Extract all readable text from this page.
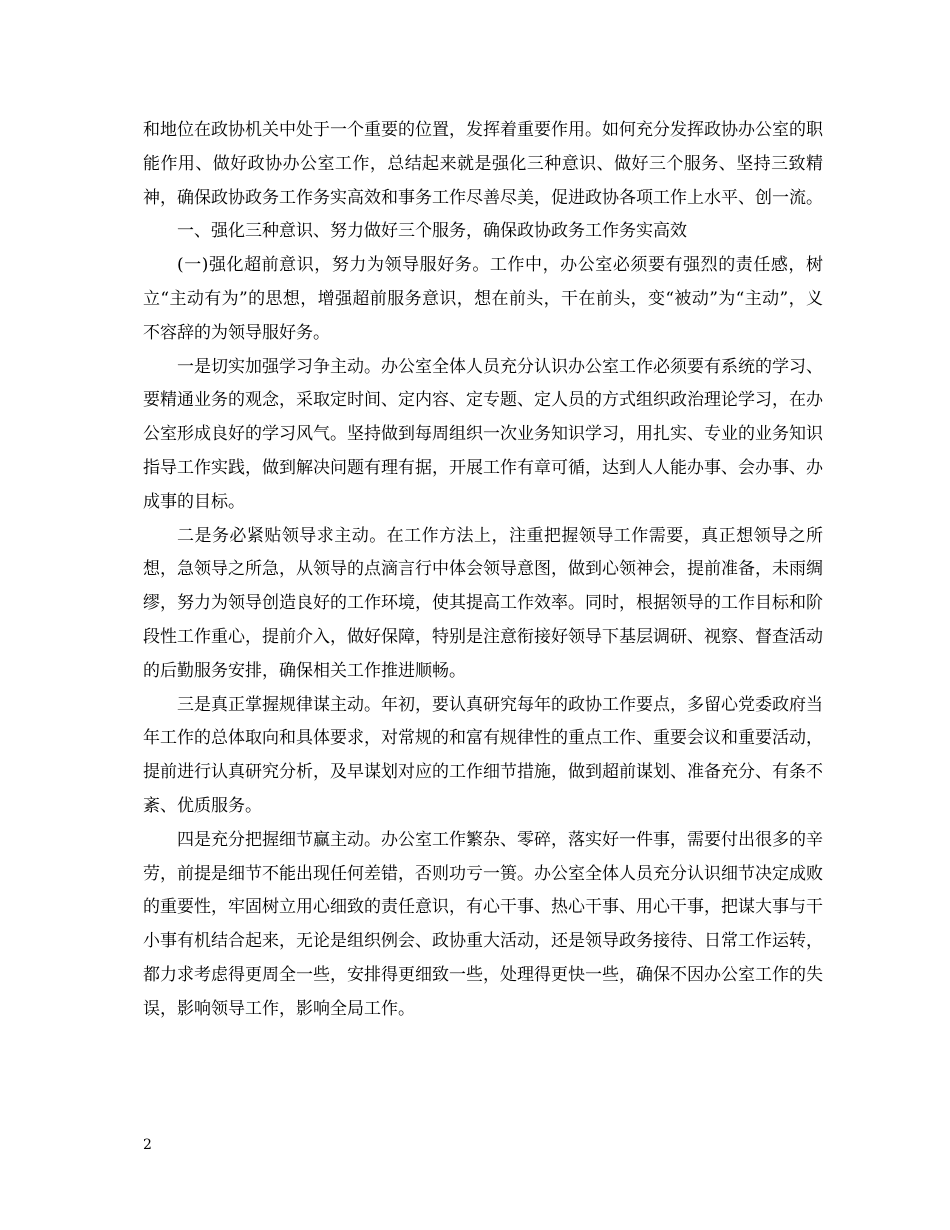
和地位在政协机关中处于一个重要的位置，发挥着重要作用。如何充分发挥政协办公室的职能作用、做好政协办公室工作，总结起来就是强化三种意识、做好三个服务、坚持三致精神，确保政协政务工作务实高效和事务工作尽善尽美，促进政协各项工作上水平、创一流。

一、强化三种意识、努力做好三个服务，确保政协政务工作务实高效

(一)强化超前意识，努力为领导服好务。工作中，办公室必须要有强烈的责任感，树立“主动有为”的思想，增强超前服务意识，想在前头，干在前头，变“被动”为“主动”，义不容辞的为领导服好务。

一是切实加强学习争主动。办公室全体人员充分认识办公室工作必须要有系统的学习、要精通业务的观念，采取定时间、定内容、定专题、定人员的方式组织政治理论学习，在办公室形成良好的学习风气。坚持做到每周组织一次业务知识学习，用扎实、专业的业务知识指导工作实践，做到解决问题有理有据，开展工作有章可循，达到人人能办事、会办事、办成事的目标。

二是务必紧贴领导求主动。在工作方法上，注重把握领导工作需要，真正想领导之所想，急领导之所急，从领导的点滴言行中体会领导意图，做到心领神会，提前准备，未雨绸缪，努力为领导创造良好的工作环境，使其提高工作效率。同时，根据领导的工作目标和阶段性工作重心，提前介入，做好保障，特别是注意衔接好领导下基层调研、视察、督查活动的后勤服务安排，确保相关工作推进顺畅。

三是真正掌握规律谋主动。年初，要认真研究每年的政协工作要点，多留心党委政府当年工作的总体取向和具体要求，对常规的和富有规律性的重点工作、重要会议和重要活动，提前进行认真研究分析，及早谋划对应的工作细节措施，做到超前谋划、准备充分、有条不紊、优质服务。

四是充分把握细节赢主动。办公室工作繁杂、零碎，落实好一件事，需要付出很多的辛劳，前提是细节不能出现任何差错，否则功亏一篑。办公室全体人员充分认识细节决定成败的重要性，牢固树立用心细致的责任意识，有心干事、热心干事、用心干事，把谋大事与干小事有机结合起来，无论是组织例会、政协重大活动，还是领导政务接待、日常工作运转，都力求考虑得更周全一些，安排得更细致一些，处理得更快一些，确保不因办公室工作的失误，影响领导工作，影响全局工作。

2
